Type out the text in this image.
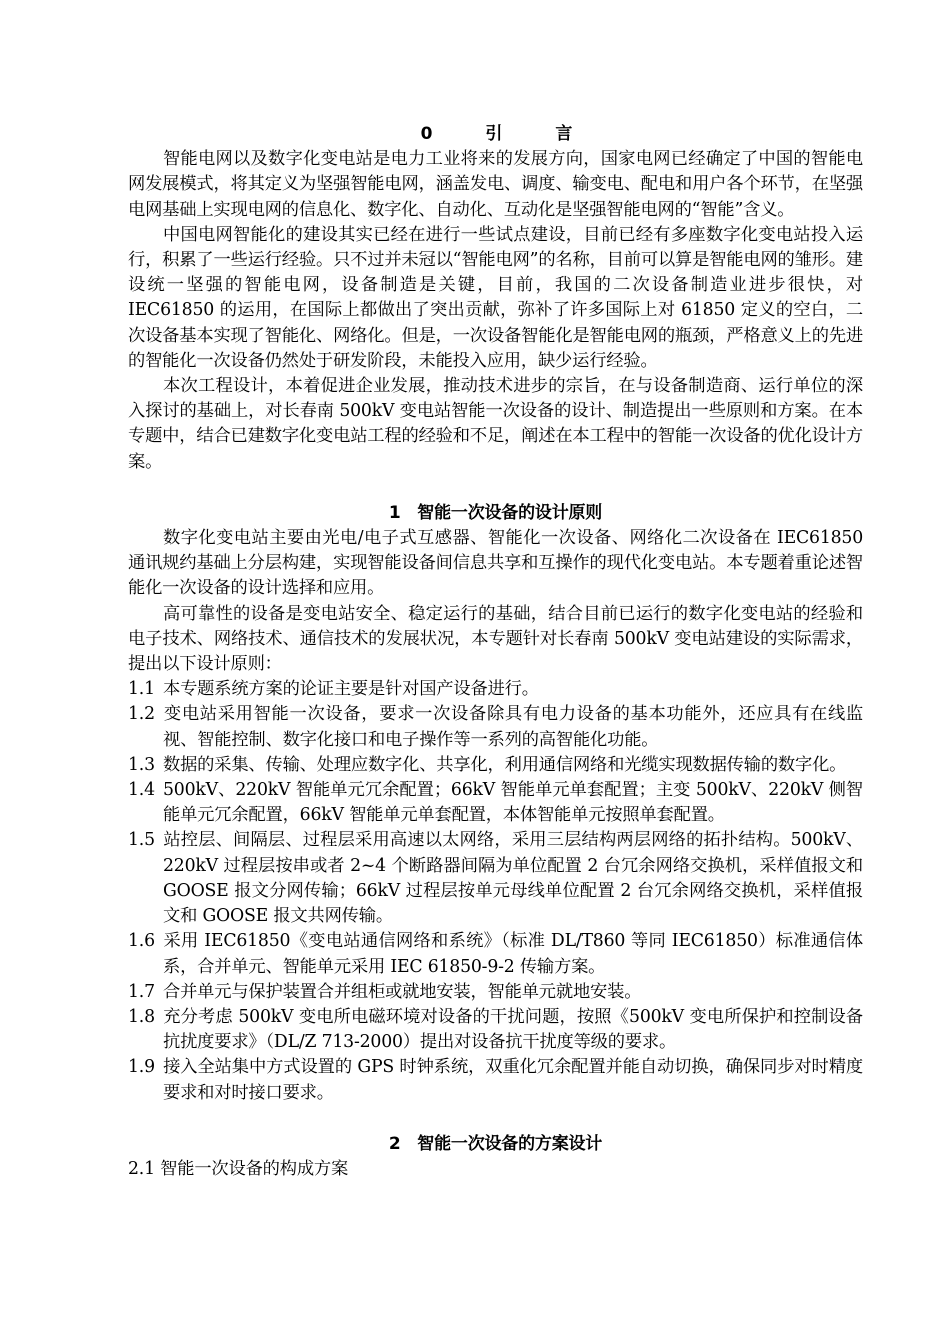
0　引　言

智能电网以及数字化变电站是电力工业将来的发展方向，国家电网已经确定了中国的智能电网发展模式，将其定义为坚强智能电网，涵盖发电、调度、输变电、配电和用户各个环节，在坚强电网基础上实现电网的信息化、数字化、自动化、互动化是坚强智能电网的“智能”含义。

中国电网智能化的建设其实已经在进行一些试点建设，目前已经有多座数字化变电站投入运行，积累了一些运行经验。只不过并未冠以“智能电网”的名称，目前可以算是智能电网的雏形。建设统一坚强的智能电网，设备制造是关键，目前，我国的二次设备制造业进步很快，对 IEC61850 的运用，在国际上都做出了突出贡献，弥补了许多国际上对 61850 定义的空白，二次设备基本实现了智能化、网络化。但是，一次设备智能化是智能电网的瓶颈，严格意义上的先进的智能化一次设备仍然处于研发阶段，未能投入应用，缺少运行经验。

本次工程设计，本着促进企业发展，推动技术进步的宗旨，在与设备制造商、运行单位的深入探讨的基础上，对长春南 500kV 变电站智能一次设备的设计、制造提出一些原则和方案。在本专题中，结合已建数字化变电站工程的经验和不足，阐述在本工程中的智能一次设备的优化设计方案。

1　智能一次设备的设计原则

数字化变电站主要由光电/电子式互感器、智能化一次设备、网络化二次设备在 IEC61850 通讯规约基础上分层构建，实现智能设备间信息共享和互操作的现代化变电站。本专题着重论述智能化一次设备的设计选择和应用。

高可靠性的设备是变电站安全、稳定运行的基础，结合目前已运行的数字化变电站的经验和电子技术、网络技术、通信技术的发展状况，本专题针对长春南 500kV 变电站建设的实际需求，提出以下设计原则：

1.1 本专题系统方案的论证主要是针对国产设备进行。

1.2 变电站采用智能一次设备，要求一次设备除具有电力设备的基本功能外，还应具有在线监视、智能控制、数字化接口和电子操作等一系列的高智能化功能。

1.3 数据的采集、传输、处理应数字化、共享化，利用通信网络和光缆实现数据传输的数字化。

1.4 500kV、220kV 智能单元冗余配置；66kV 智能单元单套配置；主变 500kV、220kV 侧智能单元冗余配置，66kV 智能单元单套配置，本体智能单元按照单套配置。

1.5 站控层、间隔层、过程层采用高速以太网络，采用三层结构两层网络的拓扑结构。500kV、220kV 过程层按串或者 2~4 个断路器间隔为单位配置 2 台冗余网络交换机，采样值报文和 GOOSE 报文分网传输；66kV 过程层按单元母线单位配置 2 台冗余网络交换机，采样值报文和 GOOSE 报文共网传输。

1.6 采用 IEC61850《变电站通信网络和系统》（标准 DL/T860 等同 IEC61850）标准通信体系，合并单元、智能单元采用 IEC 61850-9-2 传输方案。

1.7 合并单元与保护装置合并组柜或就地安装，智能单元就地安装。

1.8 充分考虑 500kV 变电所电磁环境对设备的干扰问题，按照《500kV 变电所保护和控制设备抗扰度要求》（DL/Z 713-2000）提出对设备抗干扰度等级的要求。

1.9 接入全站集中方式设置的 GPS 时钟系统，双重化冗余配置并能自动切换，确保同步对时精度要求和对时接口要求。

2　智能一次设备的方案设计

2.1 智能一次设备的构成方案
